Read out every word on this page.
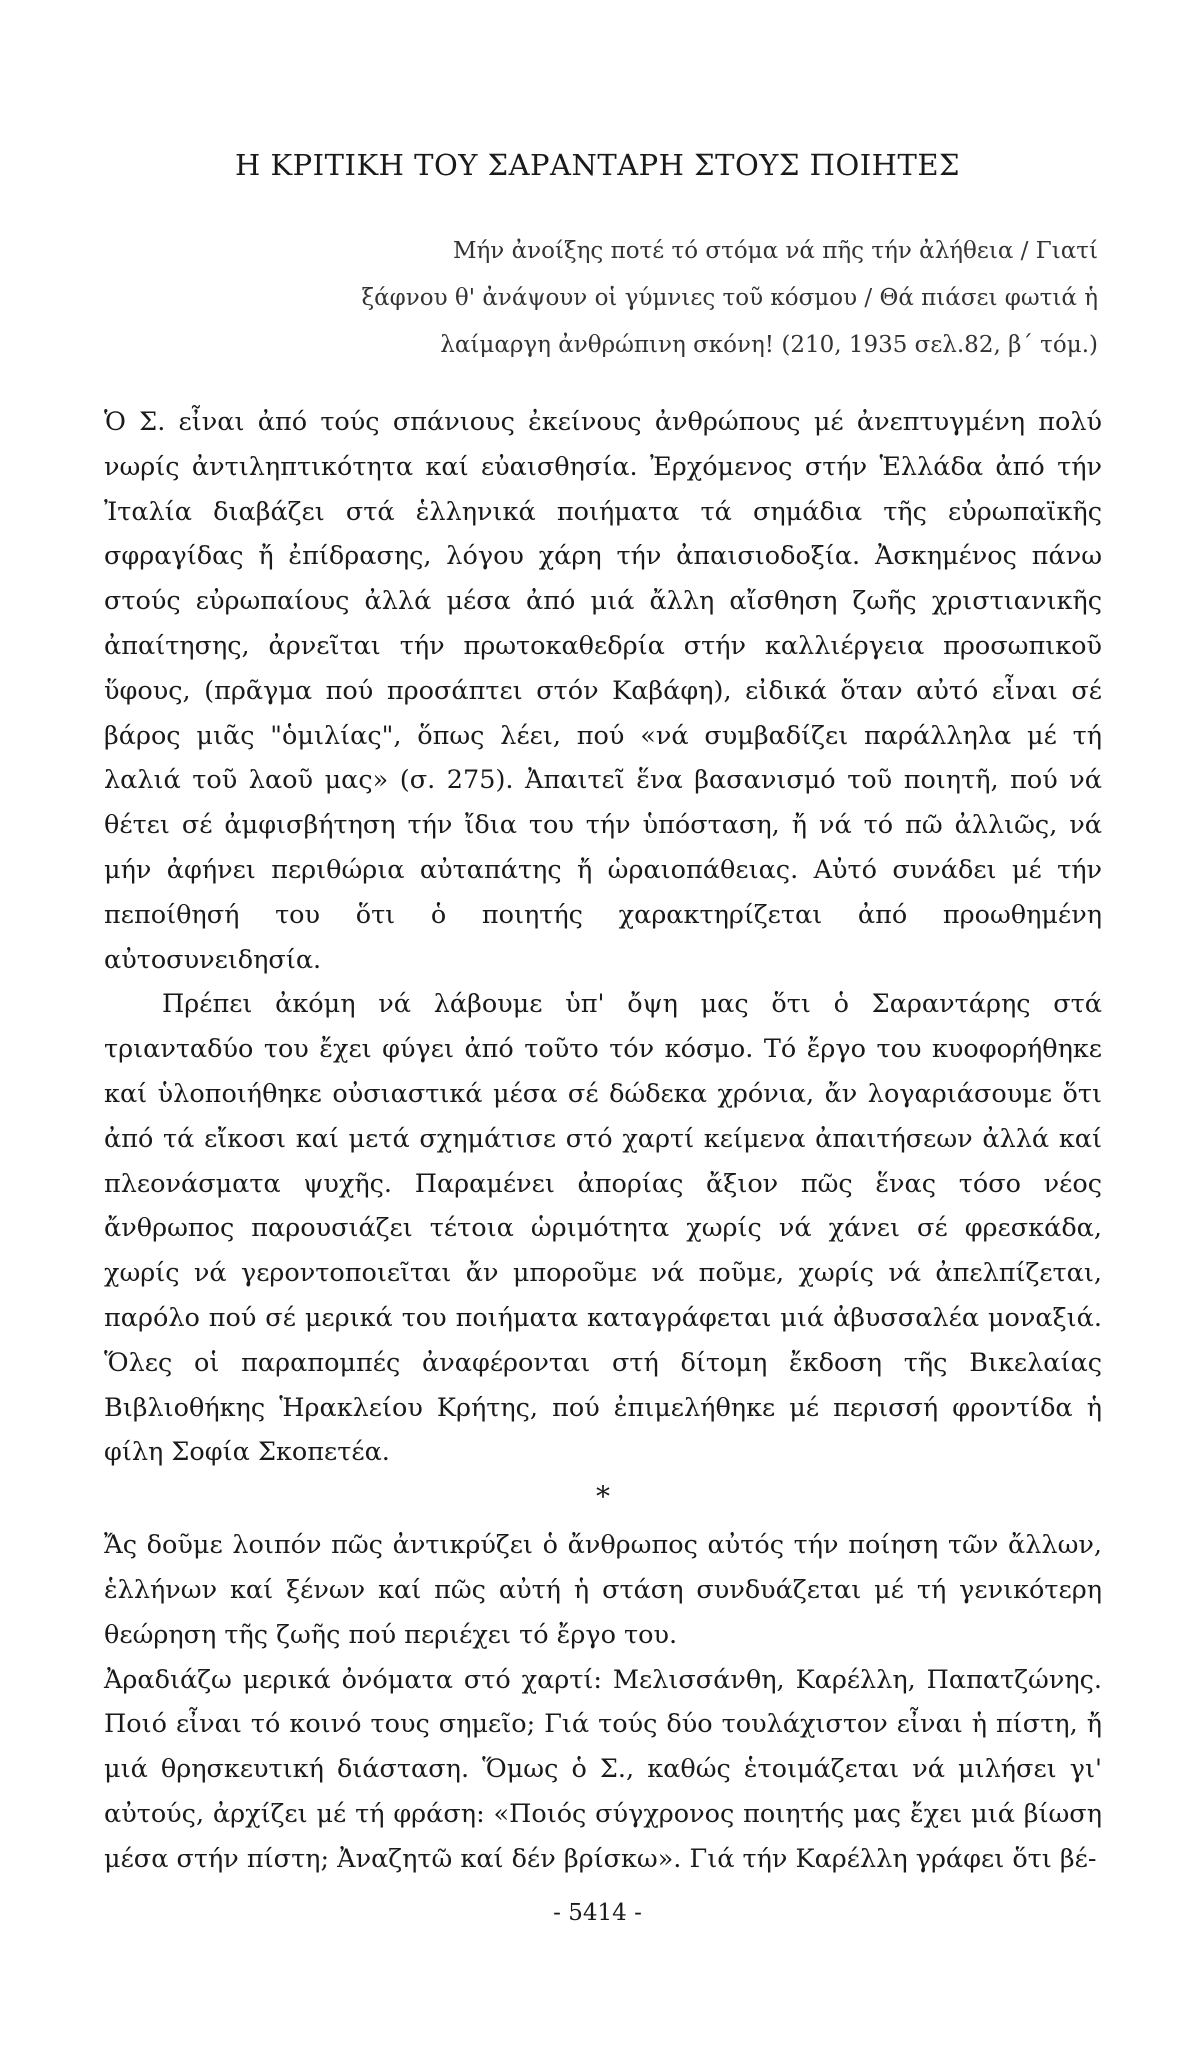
Η ΚΡΙΤΙΚΗ ΤΟΥ ΣΑΡΑΝΤΑΡΗ ΣΤΟΥΣ ΠΟΙΗΤΕΣ
Μήν ἀνοίξης ποτέ τό στόμα νά πῆς τήν ἀλήθεια / Γιατί
ξάφνου θ' ἀνάψουν οἱ γύμνιες τοῦ κόσμου / Θά πιάσει φωτιά ἡ
λαίμαργη ἀνθρώπινη σκόνη! (210, 1935 σελ.82, β΄ τόμ.)

Ὁ Σ. εἶναι ἀπό τούς σπάνιους ἐκείνους ἀνθρώπους μέ ἀνεπτυγμένη πολύ νωρίς ἀντιληπτικότητα καί εὐαισθησία. Ἐρχόμενος στήν Ἑλλάδα ἀπό τήν Ἰταλία διαβάζει στά ἑλληνικά ποιήματα τά σημάδια τῆς εὐρωπαϊκῆς σφραγίδας ἤ ἐπίδρασης, λόγου χάρη τήν ἀπαισιοδοξία. Ἀσκημένος πάνω στούς εὐρωπαίους ἀλλά μέσα ἀπό μιά ἄλλη αἴσθηση ζωῆς χριστιανικῆς ἀπαίτησης, ἀρνεῖται τήν πρωτοκαθεδρία στήν καλλιέργεια προσωπικοῦ ὕφους, (πρᾶγμα πού προσάπτει στόν Καβάφη), εἰδικά ὅταν αὐτό εἶναι σέ βάρος μιᾶς "ὁμιλίας", ὅπως λέει, πού «νά συμβαδίζει παράλληλα μέ τή λαλιά τοῦ λαοῦ μας» (σ. 275). Ἀπαιτεῖ ἕνα βασανισμό τοῦ ποιητῆ, πού νά θέτει σέ ἀμφισβήτηση τήν ἴδια του τήν ὑπόσταση, ἤ νά τό πῶ ἀλλιῶς, νά μήν ἀφήνει περιθώρια αὐταπάτης ἤ ὡραιοπάθειας. Αὐτό συνάδει μέ τήν πεποίθησή του ὅτι ὁ ποιητής χαρακτηρίζεται ἀπό προωθημένη αὐτοσυνειδησία.

Πρέπει ἀκόμη νά λάβουμε ὑπ' ὄψη μας ὅτι ὁ Σαραντάρης στά τριανταδύο του ἔχει φύγει ἀπό τοῦτο τόν κόσμο. Τό ἔργο του κυοφορήθηκε καί ὑλοποιήθηκε οὐσιαστικά μέσα σέ δώδεκα χρόνια, ἄν λογαριάσουμε ὅτι ἀπό τά εἴκοσι καί μετά σχημάτισε στό χαρτί κείμενα ἀπαιτήσεων ἀλλά καί πλεονάσματα ψυχῆς. Παραμένει ἀπορίας ἄξιον πῶς ἕνας τόσο νέος ἄνθρωπος παρουσιάζει τέτοια ὡριμότητα χωρίς νά χάνει σέ φρεσκάδα, χωρίς νά γεροντοποιεῖται ἄν μποροῦμε νά ποῦμε, χωρίς νά ἀπελπίζεται, παρόλο πού σέ μερικά του ποιήματα καταγράφεται μιά ἀβυσσαλέα μοναξιά. Ὅλες οἱ παραπομπές ἀναφέρονται στή δίτομη ἔκδοση τῆς Βικελαίας Βιβλιοθήκης Ἡρακλείου Κρήτης, πού ἐπιμελήθηκε μέ περισσή φροντίδα ἡ φίλη Σοφία Σκοπετέα.

*

Ἄς δοῦμε λοιπόν πῶς ἀντικρύζει ὁ ἄνθρωπος αὐτός τήν ποίηση τῶν ἄλλων, ἑλλήνων καί ξένων καί πῶς αὐτή ἡ στάση συνδυάζεται μέ τή γενικότερη θεώρηση τῆς ζωῆς πού περιέχει τό ἔργο του.

Ἀραδιάζω μερικά ὀνόματα στό χαρτί: Μελισσάνθη, Καρέλλη, Παπατζώνης. Ποιό εἶναι τό κοινό τους σημεῖο; Γιά τούς δύο τουλάχιστον εἶναι ἡ πίστη, ἤ μιά θρησκευτική διάσταση. Ὅμως ὁ Σ., καθώς ἑτοιμάζεται νά μιλήσει γι' αὐτούς, ἀρχίζει μέ τή φράση: «Ποιός σύγχρονος ποιητής μας ἔχει μιά βίωση μέσα στήν πίστη; Ἀναζητῶ καί δέν βρίσκω». Γιά τήν Καρέλλη γράφει ὅτι βέ-

- 5414 -
